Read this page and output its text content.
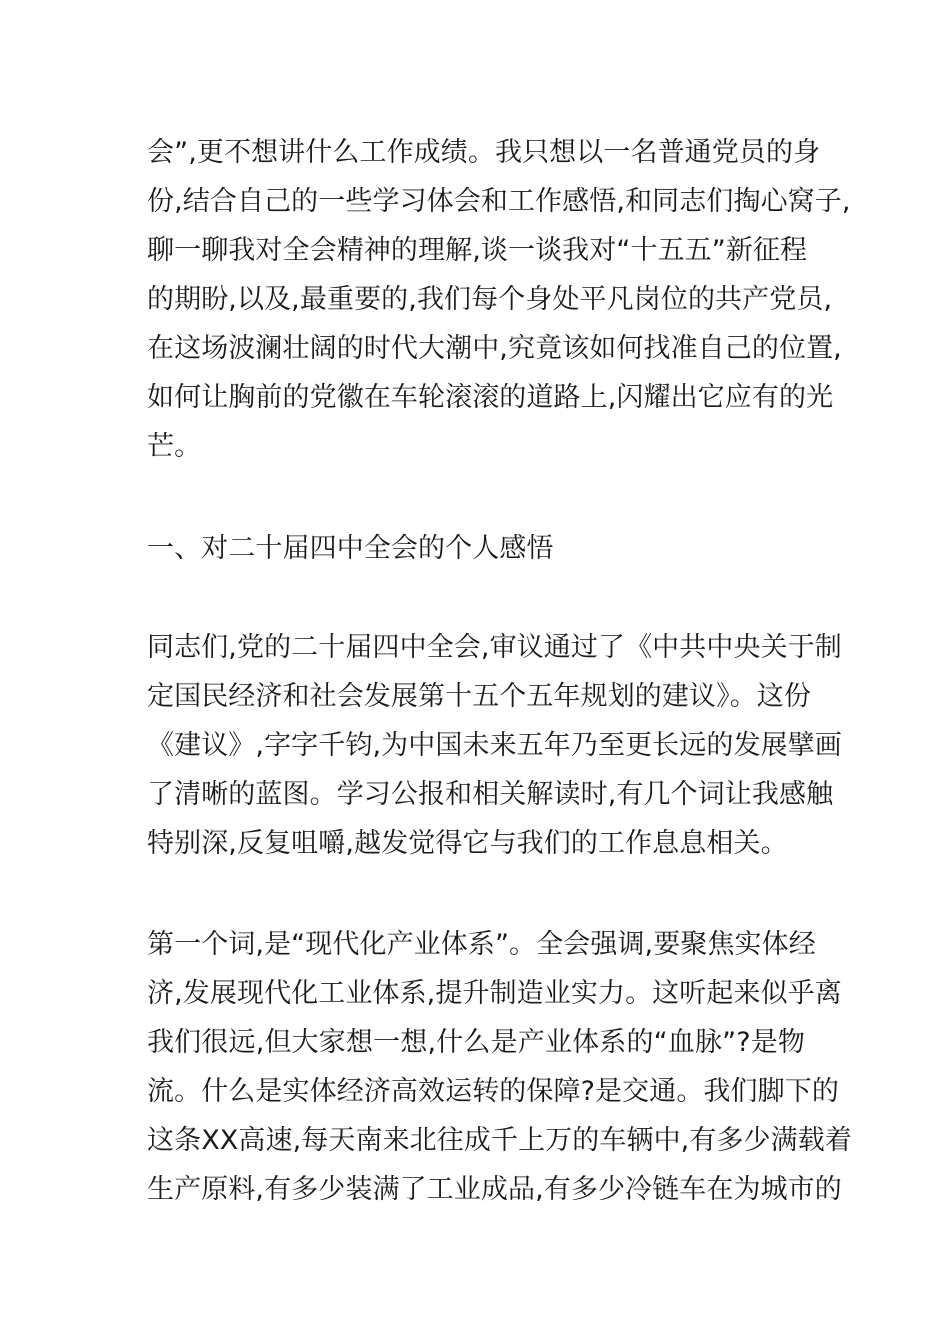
会”,更不想讲什么工作成绩。我只想以一名普通党员的身
份,结合自己的一些学习体会和工作感悟,和同志们掏心窝子,
聊一聊我对全会精神的理解,谈一谈我对“十五五”新征程
的期盼,以及,最重要的,我们每个身处平凡岗位的共产党员,
在这场波澜壮阔的时代大潮中,究竟该如何找准自己的位置,
如何让胸前的党徽在车轮滚滚的道路上,闪耀出它应有的光
芒。
一、对二十届四中全会的个人感悟
同志们,党的二十届四中全会,审议通过了《中共中央关于制
定国民经济和社会发展第十五个五年规划的建议》。这份
《建议》,字字千钧,为中国未来五年乃至更长远的发展擘画
了清晰的蓝图。学习公报和相关解读时,有几个词让我感触
特别深,反复咀嚼,越发觉得它与我们的工作息息相关。
第一个词,是“现代化产业体系”。全会强调,要聚焦实体经
济,发展现代化工业体系,提升制造业实力。这听起来似乎离
我们很远,但大家想一想,什么是产业体系的“血脉”?是物
流。什么是实体经济高效运转的保障?是交通。我们脚下的
这条XX高速,每天南来北往成千上万的车辆中,有多少满载着
生产原料,有多少装满了工业成品,有多少冷链车在为城市的
